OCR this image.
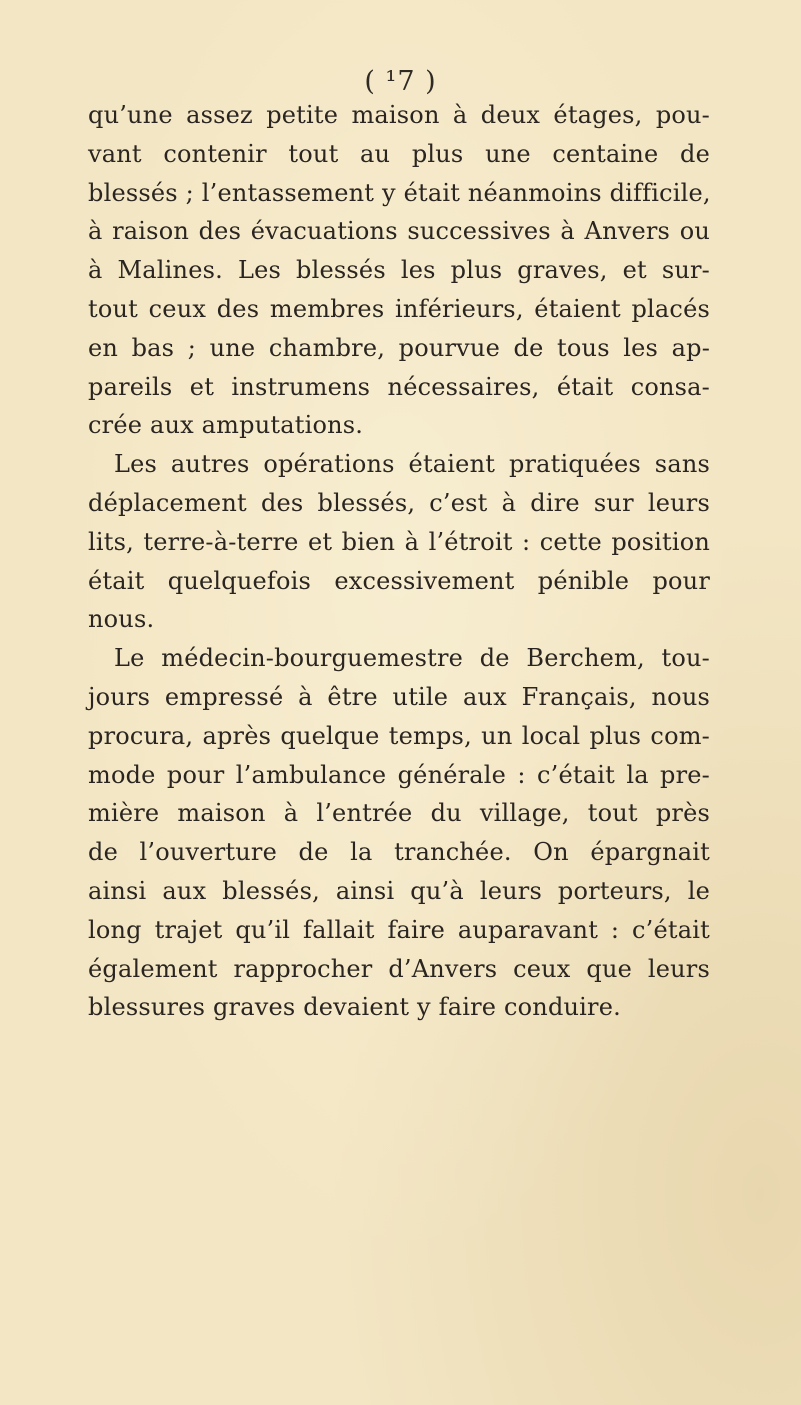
( ¹7 )
qu’une assez petite maison à deux étages, pou-
vant contenir tout au plus une centaine de
blessés ; l’entassement y était néanmoins difficile,
à raison des évacuations successives à Anvers ou
à Malines. Les blessés les plus graves, et sur-
tout ceux des membres inférieurs, étaient placés
en bas ; une chambre, pourvue de tous les ap-
pareils et instrumens nécessaires, était consa-
crée aux amputations.
Les autres opérations étaient pratiquées sans
déplacement des blessés, c’est à dire sur leurs
lits, terre-à-terre et bien à l’étroit : cette position
était quelquefois excessivement pénible pour
nous.
Le médecin-bourguemestre de Berchem, tou-
jours empressé à être utile aux Français, nous
procura, après quelque temps, un local plus com-
mode pour l’ambulance générale : c’était la pre-
mière maison à l’entrée du village, tout près
de l’ouverture de la tranchée. On épargnait
ainsi aux blessés, ainsi qu’à leurs porteurs, le
long trajet qu’il fallait faire auparavant : c’était
également rapprocher d’Anvers ceux que leurs
blessures graves devaient y faire conduire.
